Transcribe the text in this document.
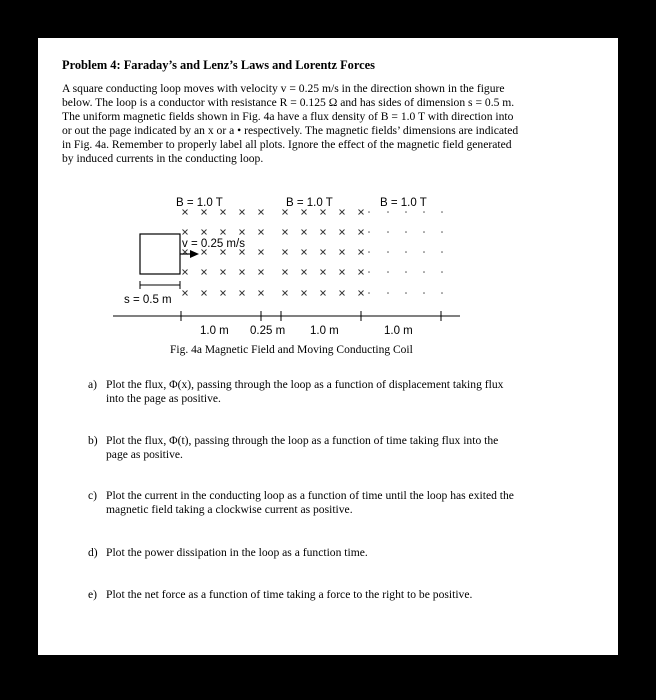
Problem 4: Faraday’s and Lenz’s Laws and Lorentz Forces
A square conducting loop moves with velocity v = 0.25 m/s in the direction shown in the figure
below. The loop is a conductor with resistance R = 0.125 Ω and has sides of dimension s = 0.5 m.
The uniform magnetic fields shown in Fig. 4a have a flux density of B = 1.0 T with direction into
or out the page indicated by an x or a • respectively. The magnetic fields’ dimensions are indicated
in Fig. 4a. Remember to properly label all plots. Ignore the effect of the magnetic field generated
by induced currents in the conducting loop.
B = 1.0 T	B = 1.0 T	B = 1.0 T
v = 0.25 m/s
s = 0.5 m
1.0 m 0.25 m 1.0 m	1.0 m
Fig. 4a Magnetic Field and Moving Conducting Coil
a) Plot the flux, Φ(x), passing through the loop as a function of displacement taking flux
into the page as positive.
b) Plot the flux, Φ(t), passing through the loop as a function of time taking flux into the
page as positive.
c) Plot the current in the conducting loop as a function of time until the loop has exited the
magnetic field taking a clockwise current as positive.
d) Plot the power dissipation in the loop as a function time.
e) Plot the net force as a function of time taking a force to the right to be positive.
